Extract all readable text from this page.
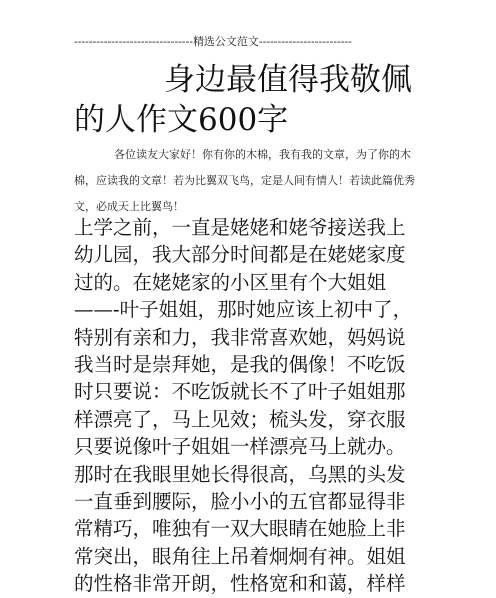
--------------------------------精选公文范文-------------------------
身边最值得我敬佩
的人作文600字
各位读友大家好！你有你的木棉，我有我的文章，为了你的木棉，应读我的文章！若为比翼双飞鸟，定是人间有情人！若读此篇优秀文，必成天上比翼鸟！
上学之前，一直是姥姥和姥爷接送我上幼儿园，我大部分时间都是在姥姥家度过的。在姥姥家的小区里有个大姐姐——-叶子姐姐，那时她应该上初中了，特别有亲和力，我非常喜欢她，妈妈说我当时是崇拜她，是我的偶像！不吃饭时只要说：不吃饭就长不了叶子姐姐那样漂亮了，马上见效；梳头发，穿衣服只要说像叶子姐姐一样漂亮马上就办。那时在我眼里她长得很高，乌黑的头发一直垂到腰际，脸小小的五官都显得非常精巧，唯独有一双大眼睛在她脸上非常突出，眼角往上吊着炯炯有神。姐姐的性格非常开朗，性格宽和和蔼，样样
